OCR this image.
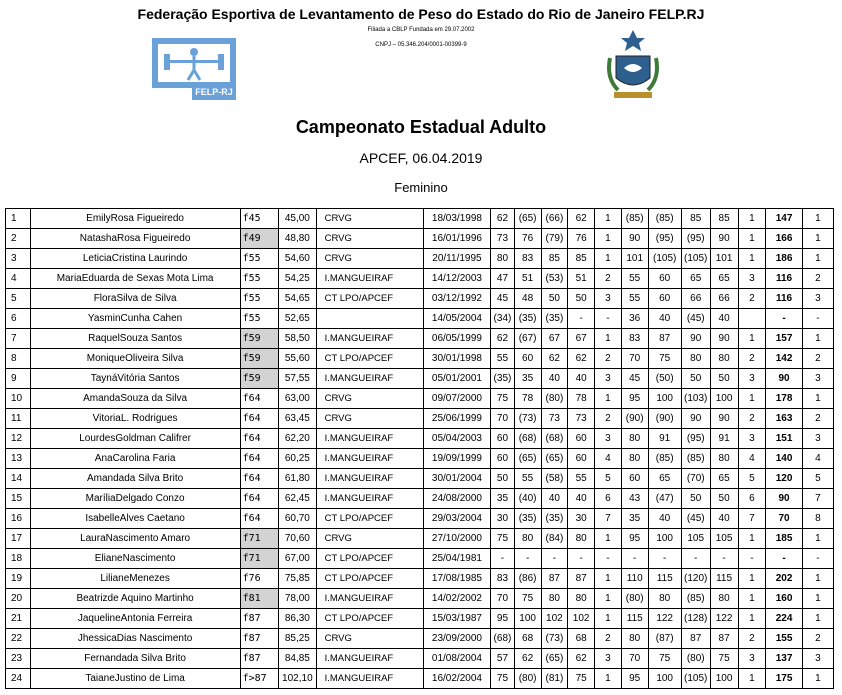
Federação Esportiva de Levantamento de Peso do Estado do Rio de Janeiro FELP.RJ
Filiada a CBLP Fundada em 29.07.2002
CNPJ – 05.346.204/0001-00399-9
FELP-RJ
Campeonato Estadual Adulto
APCEF, 06.04.2019
Feminino
1	EmilyRosa Figueiredo	f45	45,00	CRVG	18/03/1998	62	(65)	(66)	62	1	(85)	(85)	85	85	1	147	1
2	NatashaRosa Figueiredo	f49	48,80	CRVG	16/01/1996	73	76	(79)	76	1	90	(95)	(95)	90	1	166	1
3	LeticiaCristina Laurindo	f55	54,60	CRVG	20/11/1995	80	83	85	85	1	101	(105)	(105)	101	1	186	1
4	MariaEduarda de Sexas Mota Lima	f55	54,25	I.MANGUEIRAF	14/12/2003	47	51	(53)	51	2	55	60	65	65	3	116	2
5	FloraSilva de Silva	f55	54,65	CT LPO/APCEF	03/12/1992	45	48	50	50	3	55	60	66	66	2	116	3
6	YasminCunha Cahen	f55	52,65		14/05/2004	(34)	(35)	(35)	-	-	36	40	(45)	40		-	-
7	RaquelSouza Santos	f59	58,50	I.MANGUEIRAF	06/05/1999	62	(67)	67	67	1	83	87	90	90	1	157	1
8	MoniqueOliveira Silva	f59	55,60	CT LPO/APCEF	30/01/1998	55	60	62	62	2	70	75	80	80	2	142	2
9	TaynáVitória Santos	f59	57,55	I.MANGUEIRAF	05/01/2001	(35)	35	40	40	3	45	(50)	50	50	3	90	3
10	AmandaSouza da Silva	f64	63,00	CRVG	09/07/2000	75	78	(80)	78	1	95	100	(103)	100	1	178	1
11	VitoriaL. Rodrigues	f64	63,45	CRVG	25/06/1999	70	(73)	73	73	2	(90)	(90)	90	90	2	163	2
12	LourdesGoldman Califrer	f64	62,20	I.MANGUEIRAF	05/04/2003	60	(68)	(68)	60	3	80	91	(95)	91	3	151	3
13	AnaCarolina Faria	f64	60,25	I.MANGUEIRAF	19/09/1999	60	(65)	(65)	60	4	80	(85)	(85)	80	4	140	4
14	Amandada Silva Brito	f64	61,80	I.MANGUEIRAF	30/01/2004	50	55	(58)	55	5	60	65	(70)	65	5	120	5
15	MaríliaDelgado Conzo	f64	62,45	I.MANGUEIRAF	24/08/2000	35	(40)	40	40	6	43	(47)	50	50	6	90	7
16	IsabelleAlves Caetano	f64	60,70	CT LPO/APCEF	29/03/2004	30	(35)	(35)	30	7	35	40	(45)	40	7	70	8
17	LauraNascimento Amaro	f71	70,60	CRVG	27/10/2000	75	80	(84)	80	1	95	100	105	105	1	185	1
18	ElianeNascimento	f71	67,00	CT LPO/APCEF	25/04/1981	-	-	-	-	-	-	-	-	-	-	-	-
19	LilianeMenezes	f76	75,85	CT LPO/APCEF	17/08/1985	83	(86)	87	87	1	110	115	(120)	115	1	202	1
20	Beatrizde Aquino Martinho	f81	78,00	I.MANGUEIRAF	14/02/2002	70	75	80	80	1	(80)	80	(85)	80	1	160	1
21	JaquelineAntonia Ferreira	f87	86,30	CT LPO/APCEF	15/03/1987	95	100	102	102	1	115	122	(128)	122	1	224	1
22	JhessicaDias Nascimento	f87	85,25	CRVG	23/09/2000	(68)	68	(73)	68	2	80	(87)	87	87	2	155	2
23	Fernandada Silva Brito	f87	84,85	I.MANGUEIRAF	01/08/2004	57	62	(65)	62	3	70	75	(80)	75	3	137	3
24	TaianeJustino de Lima	f>87	102,10	I.MANGUEIRAF	16/02/2004	75	(80)	(81)	75	1	95	100	(105)	100	1	175	1
